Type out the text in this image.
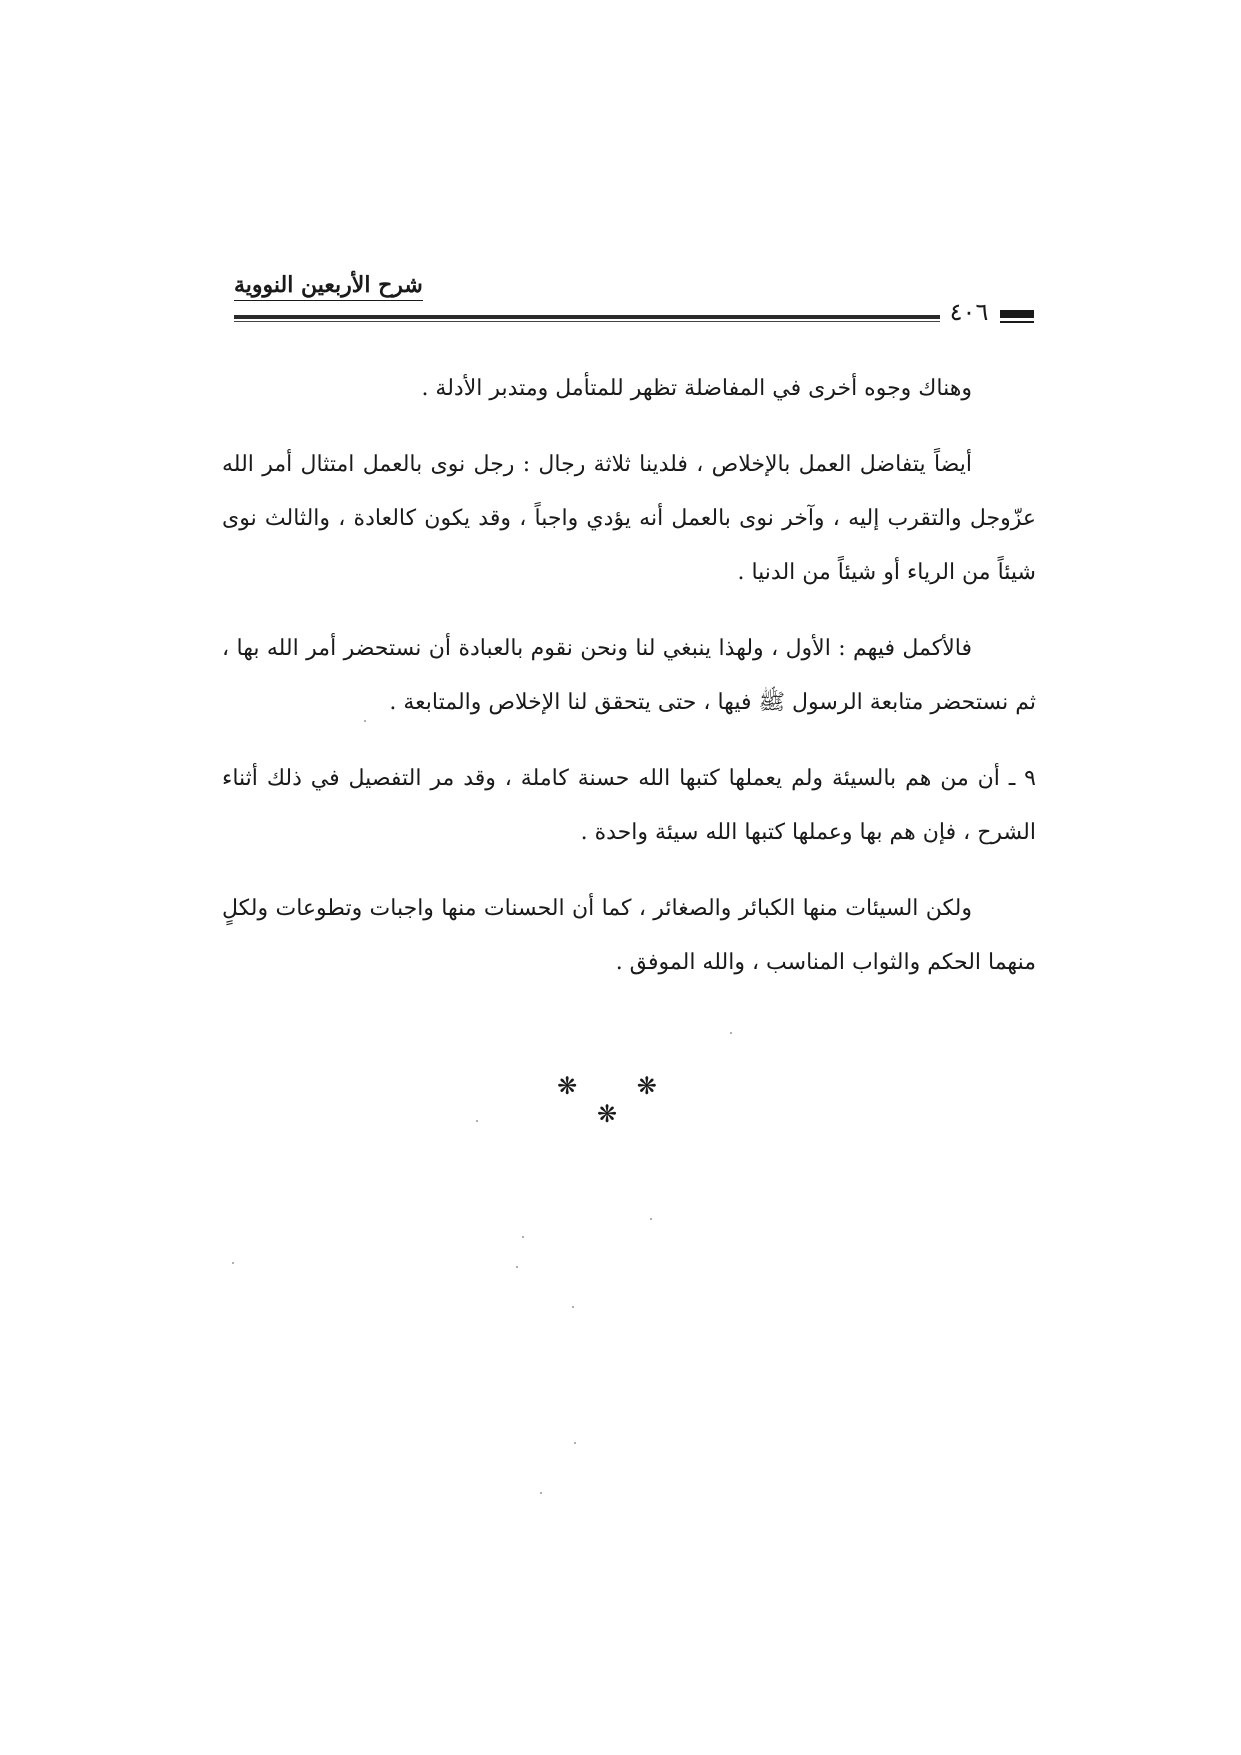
شرح الأربعين النووية
٤٠٦

وهناك وجوه أخرى في المفاضلة تظهر للمتأمل ومتدبر الأدلة .

أيضاً يتفاضل العمل بالإخلاص ، فلدينا ثلاثة رجال : رجل نوى بالعمل امتثال أمر الله عزّوجل والتقرب إليه ، وآخر نوى بالعمل أنه يؤدي واجباً ، وقد يكون كالعادة ، والثالث نوى شيئاً من الرياء أو شيئاً من الدنيا .

فالأكمل فيهم : الأول ، ولهذا ينبغي لنا ونحن نقوم بالعبادة أن نستحضر أمر الله بها ، ثم نستحضر متابعة الرسول ﷺ فيها ، حتى يتحقق لنا الإخلاص والمتابعة .

٩ ـ أن من هم بالسيئة ولم يعملها كتبها الله حسنة كاملة ، وقد مر التفصيل في ذلك أثناء الشرح ، فإن هم بها وعملها كتبها الله سيئة واحدة .

ولكن السيئات منها الكبائر والصغائر ، كما أن الحسنات منها واجبات وتطوعات ولكلٍ منهما الحكم والثواب المناسب ، والله الموفق .

❋ ❋ ❋
